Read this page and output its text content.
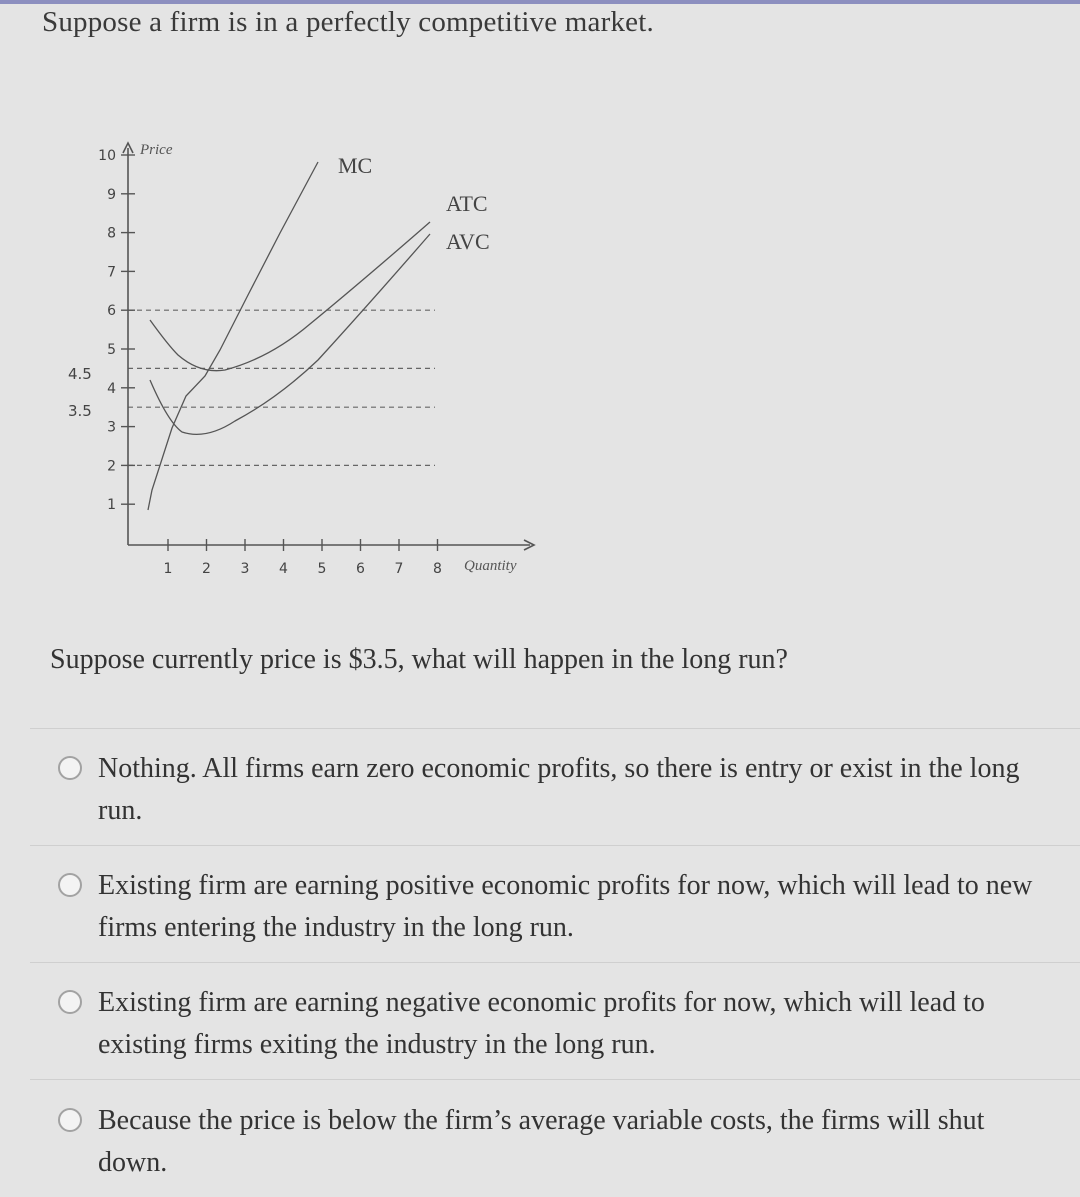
Suppose a firm is in a perfectly competitive market.
1
2
3
4
5
6
7
8
9
10
1 2 3 4 5 6 7 8
4.5
3.5
Price
Quantity
MC
ATC
AVC
Suppose currently price is $3.5, what will happen in the long run?
Nothing. All firms earn zero economic profits, so there is entry or exist in the long run.
Existing firm are earning positive economic profits for now, which will lead to new firms entering the industry in the long run.
Existing firm are earning negative economic profits for now, which will lead to existing firms exiting the industry in the long run.
Because the price is below the firm’s average variable costs, the firms will shut down.
